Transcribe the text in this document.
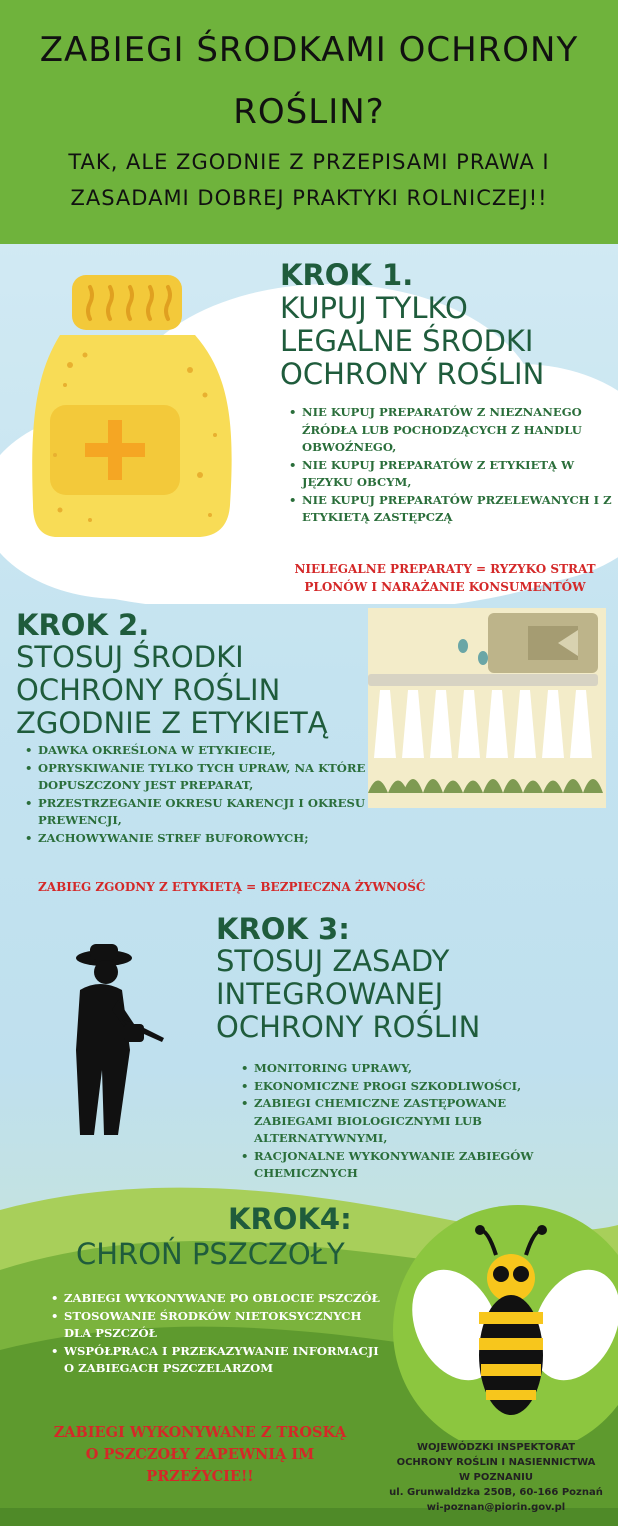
ZABIEGI ŚRODKAMI OCHRONY
ROŚLIN?
TAK, ALE ZGODNIE Z PRZEPISAMI PRAWA I
ZASADAMI DOBREJ PRAKTYKI ROLNICZEJ!!
KROK 1.
KUPUJ TYLKO
LEGALNE ŚRODKI
OCHRONY ROŚLIN
• NIE KUPUJ PREPARATÓW Z NIEZNANEGO ŹRÓDŁA LUB POCHODZĄCYCH Z HANDLU OBWOŹNEGO,
• NIE KUPUJ PREPARATÓW Z ETYKIETĄ W JĘZYKU OBCYM,
• NIE KUPUJ PREPARATÓW PRZELEWANYCH I Z ETYKIETĄ ZASTĘPCZĄ
NIELEGALNE PREPARATY = RYZYKO STRAT
PLONÓW I NARAŻANIE KONSUMENTÓW
KROK 2.
STOSUJ ŚRODKI
OCHRONY ROŚLIN
ZGODNIE Z ETYKIETĄ
• DAWKA OKREŚLONA W ETYKIECIE,
• OPRYSKIWANIE TYLKO TYCH UPRAW, NA KTÓRE DOPUSZCZONY JEST PREPARAT,
• PRZESTRZEGANIE OKRESU KARENCJI I OKRESU PREWENCJI,
• ZACHOWYWANIE STREF BUFOROWYCH;
ZABIEG ZGODNY Z ETYKIETĄ = BEZPIECZNA ŻYWNOŚĆ
KROK 3:
STOSUJ ZASADY
INTEGROWANEJ
OCHRONY ROŚLIN
• MONITORING UPRAWY,
• EKONOMICZNE PROGI SZKODLIWOŚCI,
• ZABIEGI CHEMICZNE ZASTĘPOWANE ZABIEGAMI BIOLOGICZNYMI LUB ALTERNATYWNYMI,
• RACJONALNE WYKONYWANIE ZABIEGÓW CHEMICZNYCH
KROK4:
CHROŃ PSZCZOŁY
• ZABIEGI WYKONYWANE PO OBLOCIE PSZCZÓŁ
• STOSOWANIE ŚRODKÓW NIETOKSYCZNYCH DLA PSZCZÓŁ
• WSPÓŁPRACA I PRZEKAZYWANIE INFORMACJI O ZABIEGACH PSZCZELARZOM
ZABIEGI WYKONYWANE Z TROSKĄ
O PSZCZOŁY ZAPEWNIĄ IM
PRZEŻYCIE!!
WOJEWÓDZKI INSPEKTORAT
OCHRONY ROŚLIN I NASIENNICTWA
W POZNANIU
ul. Grunwaldzka 250B, 60-166 Poznań
wi-poznan@piorin.gov.pl
